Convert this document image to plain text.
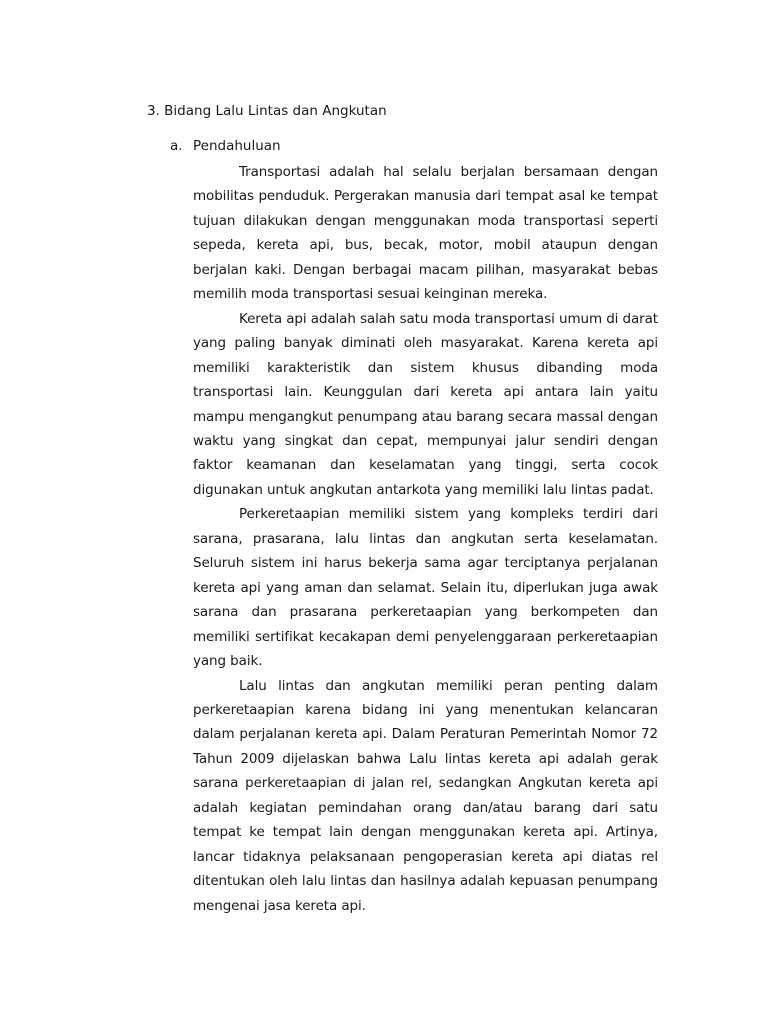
3. Bidang Lalu Lintas dan Angkutan
a. Pendahuluan

Transportasi adalah hal selalu berjalan bersamaan dengan mobilitas penduduk. Pergerakan manusia dari tempat asal ke tempat tujuan dilakukan dengan menggunakan moda transportasi seperti sepeda, kereta api, bus, becak, motor, mobil ataupun dengan berjalan kaki. Dengan berbagai macam pilihan, masyarakat bebas memilih moda transportasi sesuai keinginan mereka.

Kereta api adalah salah satu moda transportasi umum di darat yang paling banyak diminati oleh masyarakat. Karena kereta api memiliki karakteristik dan sistem khusus dibanding moda transportasi lain. Keunggulan dari kereta api antara lain yaitu mampu mengangkut penumpang atau barang secara massal dengan waktu yang singkat dan cepat, mempunyai jalur sendiri dengan faktor keamanan dan keselamatan yang tinggi, serta cocok digunakan untuk angkutan antarkota yang memiliki lalu lintas padat.

Perkeretaapian memiliki sistem yang kompleks terdiri dari sarana, prasarana, lalu lintas dan angkutan serta keselamatan. Seluruh sistem ini harus bekerja sama agar terciptanya perjalanan kereta api yang aman dan selamat. Selain itu, diperlukan juga awak sarana dan prasarana perkeretaapian yang berkompeten dan memiliki sertifikat kecakapan demi penyelenggaraan perkeretaapian yang baik.

Lalu lintas dan angkutan memiliki peran penting dalam perkeretaapian karena bidang ini yang menentukan kelancaran dalam perjalanan kereta api. Dalam Peraturan Pemerintah Nomor 72 Tahun 2009 dijelaskan bahwa Lalu lintas kereta api adalah gerak sarana perkeretaapian di jalan rel, sedangkan Angkutan kereta api adalah kegiatan pemindahan orang dan/atau barang dari satu tempat ke tempat lain dengan menggunakan kereta api. Artinya, lancar tidaknya pelaksanaan pengoperasian kereta api diatas rel ditentukan oleh lalu lintas dan hasilnya adalah kepuasan penumpang mengenai jasa kereta api.
